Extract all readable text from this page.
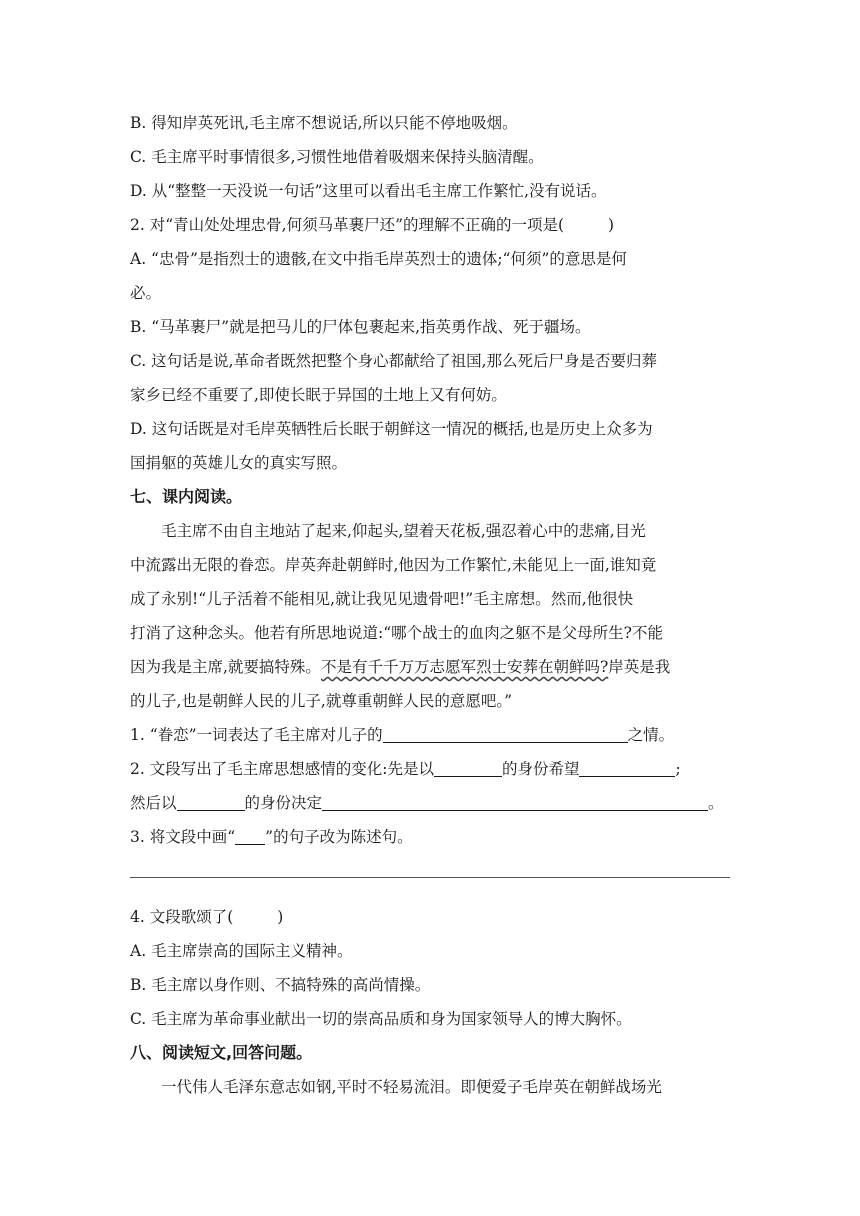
B. 得知岸英死讯,毛主席不想说话,所以只能不停地吸烟。
C. 毛主席平时事情很多,习惯性地借着吸烟来保持头脑清醒。
D. 从“整整一天没说一句话”这里可以看出毛主席工作繁忙,没有说话。
2. 对“青山处处埋忠骨,何须马革裹尸还”的理解不正确的一项是(	)
A. “忠骨”是指烈士的遗骸,在文中指毛岸英烈士的遗体;“何须”的意思是何
必。
B. “马革裹尸”就是把马儿的尸体包裹起来,指英勇作战、死于疆场。
C. 这句话是说,革命者既然把整个身心都献给了祖国,那么死后尸身是否要归葬
家乡已经不重要了,即使长眠于异国的土地上又有何妨。
D. 这句话既是对毛岸英牺牲后长眠于朝鲜这一情况的概括,也是历史上众多为
国捐躯的英雄儿女的真实写照。
七、课内阅读。
毛主席不由自主地站了起来,仰起头,望着天花板,强忍着心中的悲痛,目光
中流露出无限的眷恋。岸英奔赴朝鲜时,他因为工作繁忙,未能见上一面,谁知竟
成了永别!“儿子活着不能相见,就让我见见遗骨吧!”毛主席想。然而,他很快
打消了这种念头。他若有所思地说道:“哪个战士的血肉之躯不是父母所生?不能
因为我是主席,就要搞特殊。不是有千千万万志愿军烈士安葬在朝鲜吗?岸英是我
的儿子,也是朝鲜人民的儿子,就尊重朝鲜人民的意愿吧。”
1. “眷恋”一词表达了毛主席对儿子的	之情。
2. 文段写出了毛主席思想感情的变化:先是以	的身份希望	;
然后以	的身份决定	。
3. 将文段中画“ ”的句子改为陈述句。
4. 文段歌颂了(	)
A. 毛主席崇高的国际主义精神。
B. 毛主席以身作则、不搞特殊的高尚情操。
C. 毛主席为革命事业献出一切的崇高品质和身为国家领导人的博大胸怀。
八、阅读短文,回答问题。
一代伟人毛泽东意志如钢,平时不轻易流泪。即便爱子毛岸英在朝鲜战场光
